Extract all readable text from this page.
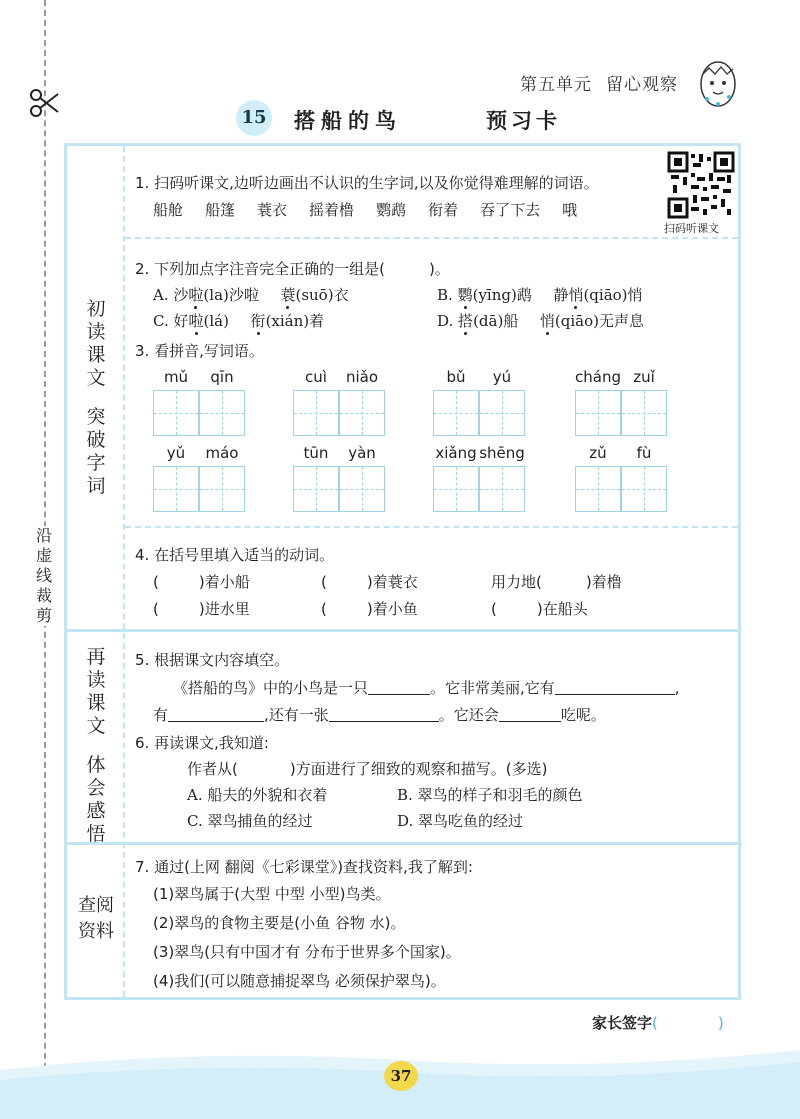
沿
虚
线
裁
剪
第五单元 留心观察
15 搭船的鸟	预习卡
初
读
课
文
突
破
字
词
再
读
课
文
体
会
感
悟
查阅
资料
1. 扫码听课文,边听边画出不认识的生字词,以及你觉得难理解的词语。
船舱 船篷 蓑衣 摇着橹 鹦鹉 衔着 吞了下去 哦
扫码听课文
2. 下列加点字注音完全正确的一组是(	)。
A. 沙啦(la)沙啦 蓑(suō)衣	B. 鹦(yīng)鹉 静悄(qiāo)悄
C. 好啦(lá) 衔(xián)着	D. 搭(dā)船 悄(qiāo)无声息
3. 看拼音,写词语。
mǔ	qīn	cuì	niǎo	bǔ	yú	cháng zuǐ
yǔ	máo	tūn	yàn	xiǎng shēng	zǔ	fù
4. 在括号里填入适当的动词。
(	)着小船	(	)着蓑衣	用力地(	)着橹
(	)进水里	(	)着小鱼	(	)在船头
5. 根据课文内容填空。
《搭船的鸟》中的小鸟是一只	。它非常美丽,它有	,
有	,还有一张	。它还会	吃呢。
6. 再读课文,我知道:
作者从(	)方面进行了细致的观察和描写。(多选)
A. 船夫的外貌和衣着	B. 翠鸟的样子和羽毛的颜色
C. 翠鸟捕鱼的经过	D. 翠鸟吃鱼的经过
7. 通过(上网 翻阅《七彩课堂》)查找资料,我了解到:
(1)翠鸟属于(大型 中型 小型)鸟类。
(2)翠鸟的食物主要是(小鱼 谷物 水)。
(3)翠鸟(只有中国才有 分布于世界多个国家)。
(4)我们(可以随意捕捉翠鸟 必须保护翠鸟)。
家长签字(	)
37
